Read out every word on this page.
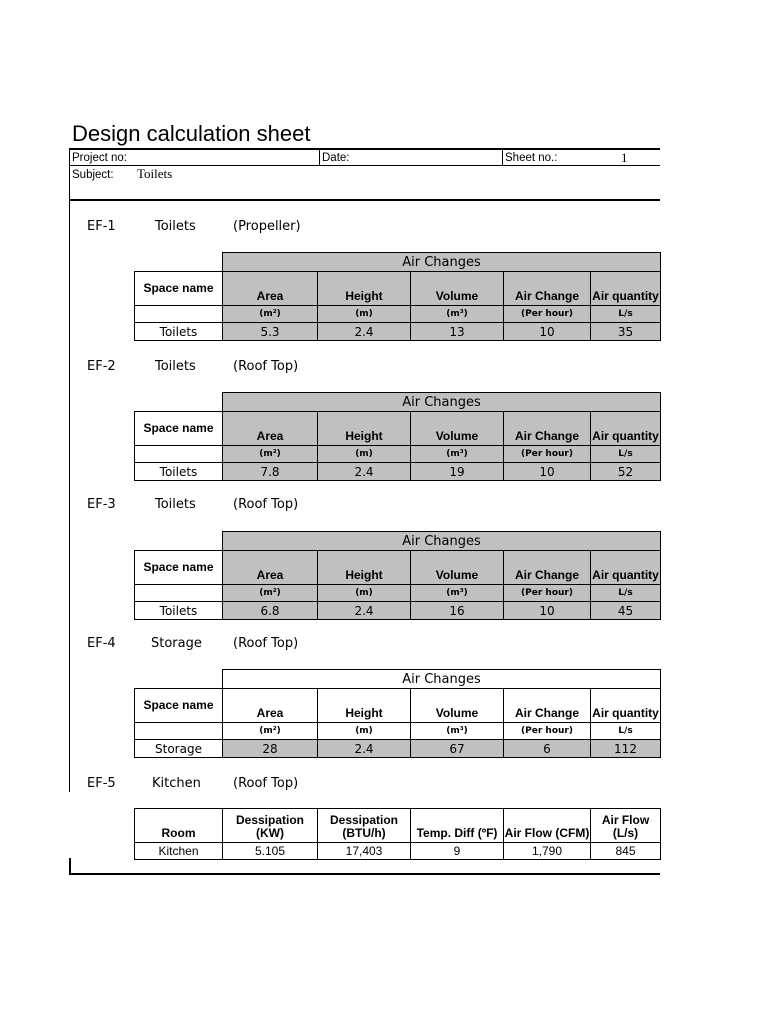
Design calculation sheet
Project no:	Date:	Sheet no.:	1
Subject: Toilets
EF-1	Toilets	(Propeller)
	Air Changes				
Space name	Area	Height	Volume	Air Change	Air quantity
	(m²)	(m)	(m³)	(Per hour)	L/s
Toilets	5.3	2.4	13	10	35
EF-2	Toilets	(Roof Top)
	Air Changes				
Space name	Area	Height	Volume	Air Change	Air quantity
	(m²)	(m)	(m³)	(Per hour)	L/s
Toilets	7.8	2.4	19	10	52
EF-3	Toilets	(Roof Top)
	Air Changes				
Space name	Area	Height	Volume	Air Change	Air quantity
	(m²)	(m)	(m³)	(Per hour)	L/s
Toilets	6.8	2.4	16	10	45
EF-4	Storage	(Roof Top)
	Air Changes				
Space name	Area	Height	Volume	Air Change	Air quantity
	(m²)	(m)	(m³)	(Per hour)	L/s
Storage	28	2.4	67	6	112
EF-5	Kitchen	(Roof Top)
Room	Dessipation (KW)	Dessipation (BTU/h)	Temp. Diff (ºF)	Air Flow (CFM)	Air Flow (L/s)
Kitchen	5.105	17,403	9	1,790	845
